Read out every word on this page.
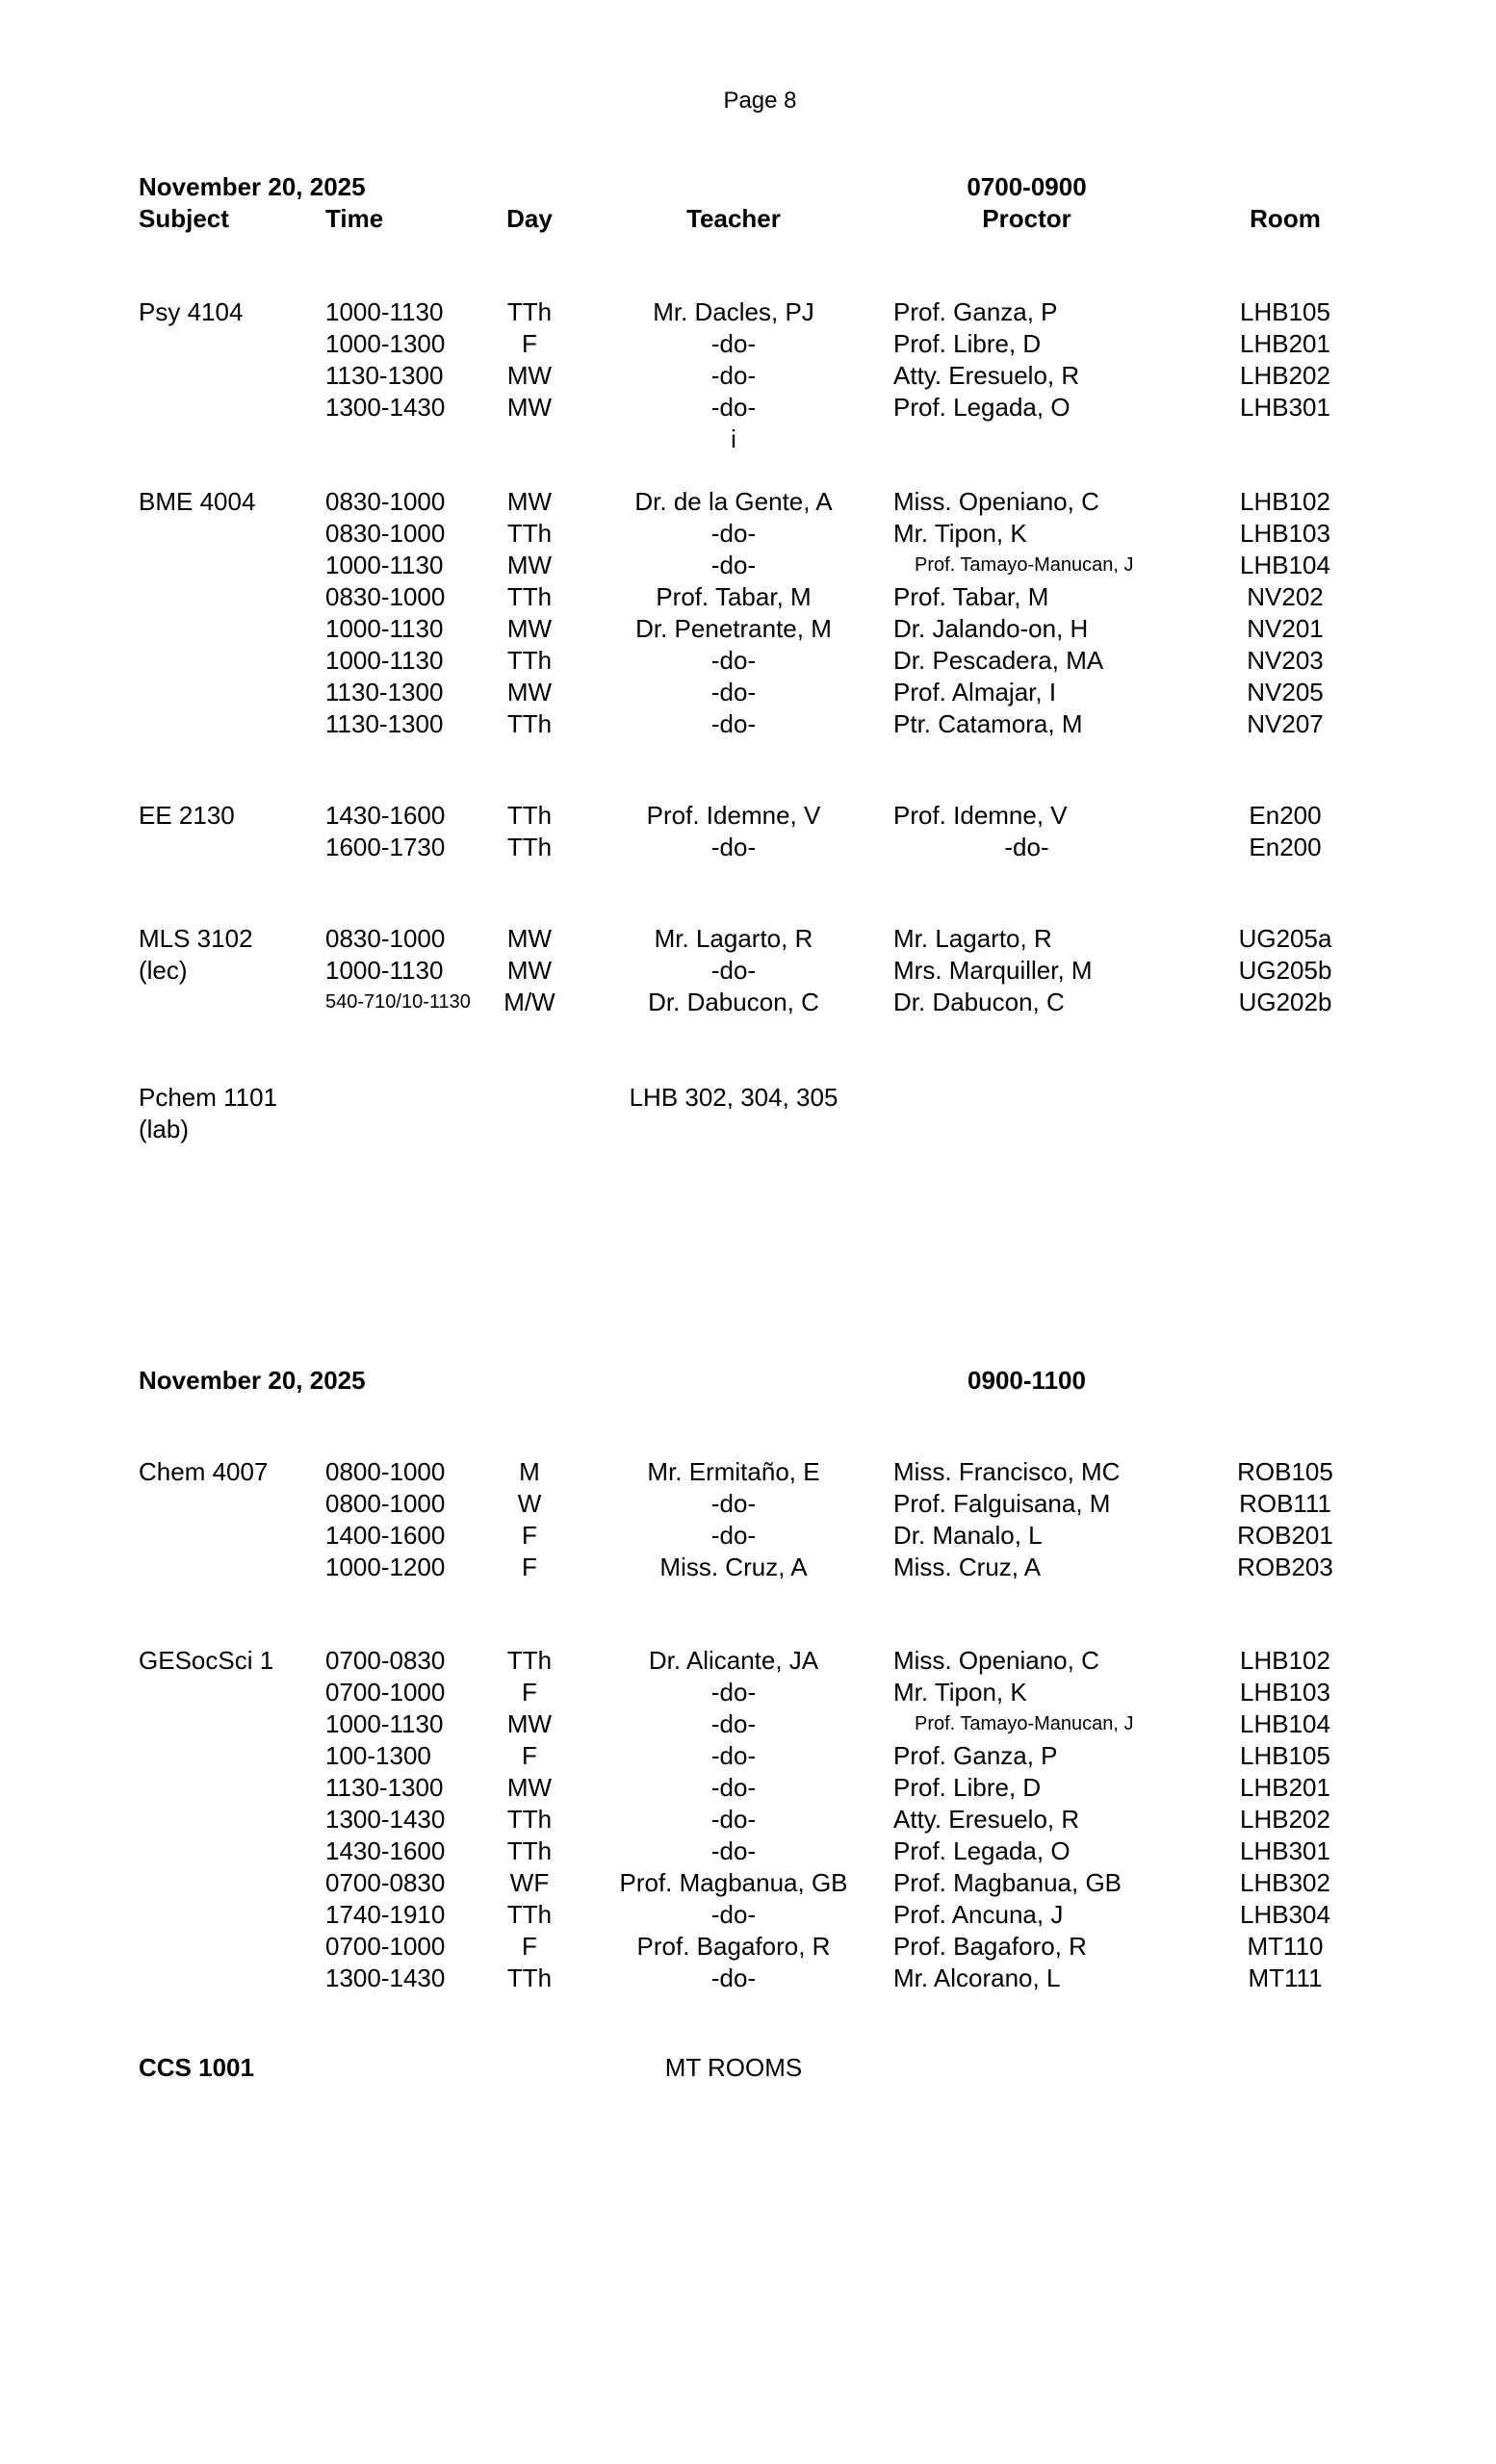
Page 8
November 20, 2025	0700-0900
Subject	Time	Day	Teacher	Proctor	Room
Psy 4104	1000-1130	TTh	Mr. Dacles, PJ	Prof. Ganza, P	LHB105
1000-1300	F	-do-	Prof. Libre, D	LHB201
1130-1300	MW	-do-	Atty. Eresuelo, R	LHB202
1300-1430	MW	-do-	Prof. Legada, O	LHB301
i
BME 4004	0830-1000	MW	Dr. de la Gente, A	Miss. Openiano, C	LHB102
0830-1000	TTh	-do-	Mr. Tipon, K	LHB103
1000-1130	MW	-do-	Prof. Tamayo-Manucan, J	LHB104
0830-1000	TTh	Prof. Tabar, M	Prof. Tabar, M	NV202
1000-1130	MW	Dr. Penetrante, M	Dr. Jalando-on, H	NV201
1000-1130	TTh	-do-	Dr. Pescadera, MA	NV203
1130-1300	MW	-do-	Prof. Almajar, I	NV205
1130-1300	TTh	-do-	Ptr. Catamora, M	NV207
EE 2130	1430-1600	TTh	Prof. Idemne, V	Prof. Idemne, V	En200
1600-1730	TTh	-do-	-do-	En200
MLS 3102
(lec)
0830-1000	MW	Mr. Lagarto, R	Mr. Lagarto, R	UG205a
1000-1130	MW	-do-	Mrs. Marquiller, M	UG205b
540-710/10-1130	M/W	Dr. Dabucon, C	Dr. Dabucon, C	UG202b
Pchem 1101
(lab)
LHB 302, 304, 305
November 20, 2025	0900-1100
Chem 4007	0800-1000	M	Mr. Ermitaño, E	Miss. Francisco, MC	ROB105
0800-1000	W	-do-	Prof. Falguisana, M	ROB111
1400-1600	F	-do-	Dr. Manalo, L	ROB201
1000-1200	F	Miss. Cruz, A	Miss. Cruz, A	ROB203
GESocSci 1	0700-0830	TTh	Dr. Alicante, JA	Miss. Openiano, C	LHB102
0700-1000	F	-do-	Mr. Tipon, K	LHB103
1000-1130	MW	-do-	Prof. Tamayo-Manucan, J	LHB104
100-1300	F	-do-	Prof. Ganza, P	LHB105
1130-1300	MW	-do-	Prof. Libre, D	LHB201
1300-1430	TTh	-do-	Atty. Eresuelo, R	LHB202
1430-1600	TTh	-do-	Prof. Legada, O	LHB301
0700-0830	WF	Prof. Magbanua, GB	Prof. Magbanua, GB	LHB302
1740-1910	TTh	-do-	Prof. Ancuna, J	LHB304
0700-1000	F	Prof. Bagaforo, R	Prof. Bagaforo, R	MT110
1300-1430	TTh	-do-	Mr. Alcorano, L	MT111
CCS 1001	MT ROOMS
